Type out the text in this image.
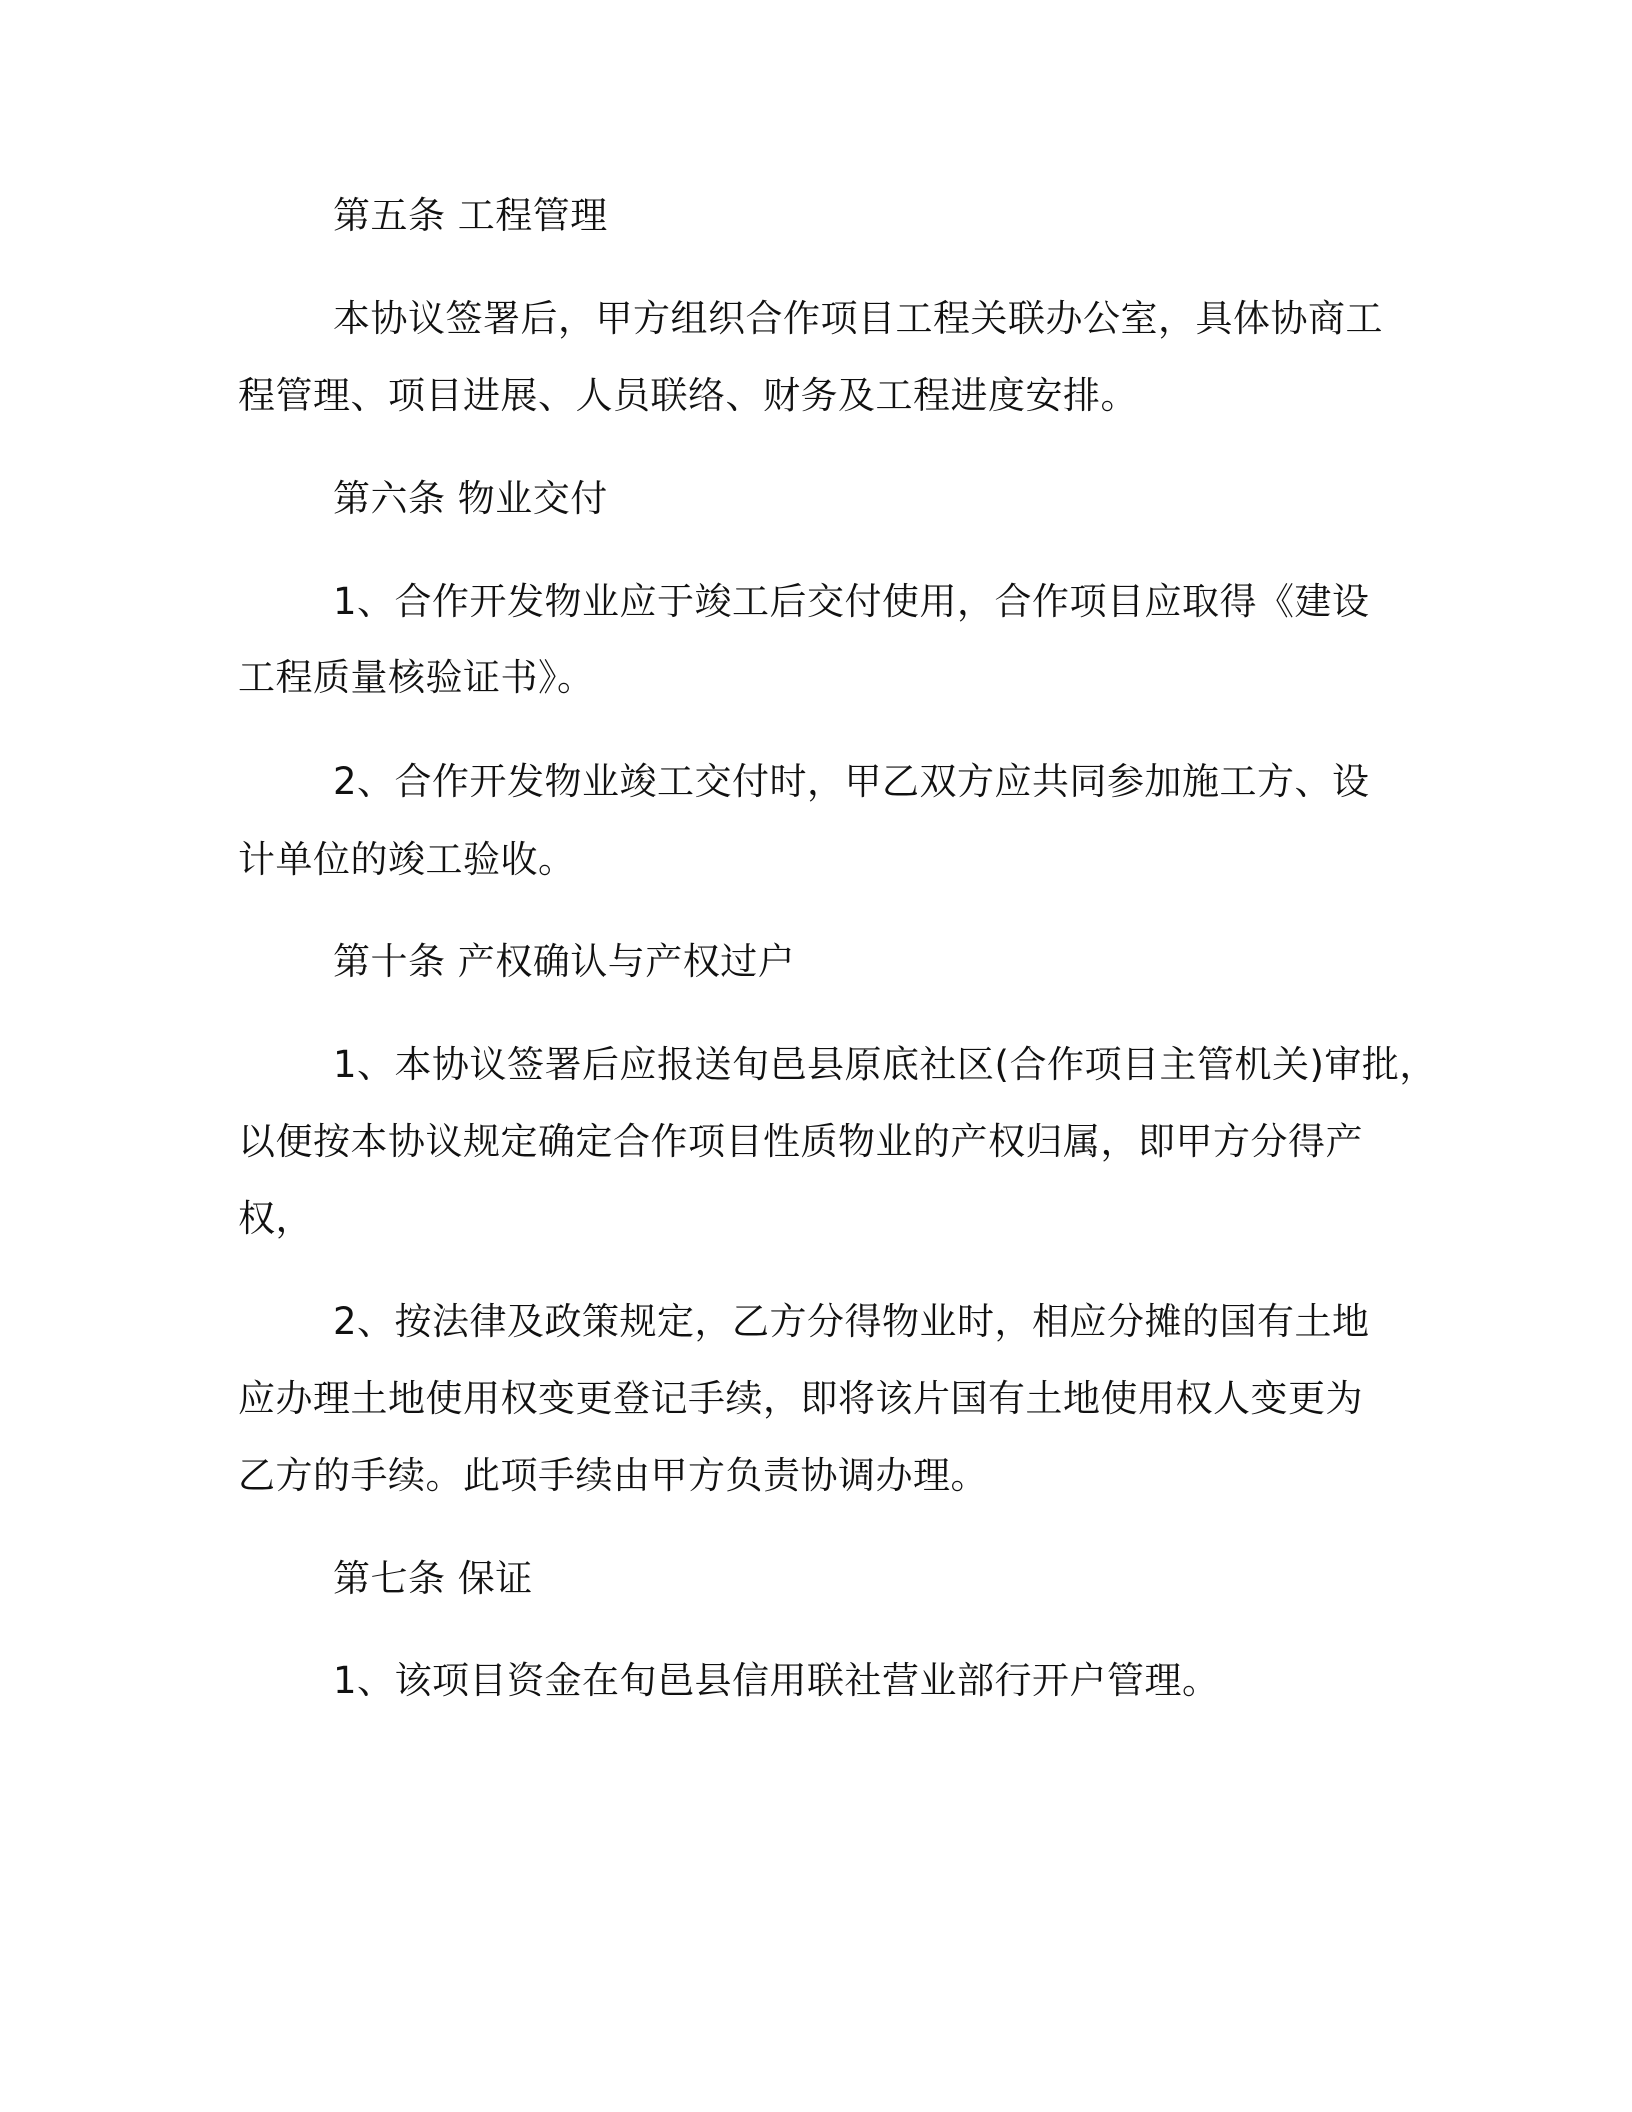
第五条 工程管理
本协议签署后，甲方组织合作项目工程关联办公室，具体协商工
程管理、项目进展、人员联络、财务及工程进度安排。
第六条 物业交付
1、合作开发物业应于竣工后交付使用，合作项目应取得《建设
工程质量核验证书》。
2、合作开发物业竣工交付时，甲乙双方应共同参加施工方、设
计单位的竣工验收。
第十条 产权确认与产权过户
1、本协议签署后应报送旬邑县原底社区(合作项目主管机关)审批，
以便按本协议规定确定合作项目性质物业的产权归属，即甲方分得产
权，
2、按法律及政策规定，乙方分得物业时，相应分摊的国有土地
应办理土地使用权变更登记手续，即将该片国有土地使用权人变更为
乙方的手续。此项手续由甲方负责协调办理。
第七条 保证
1、该项目资金在旬邑县信用联社营业部行开户管理。
